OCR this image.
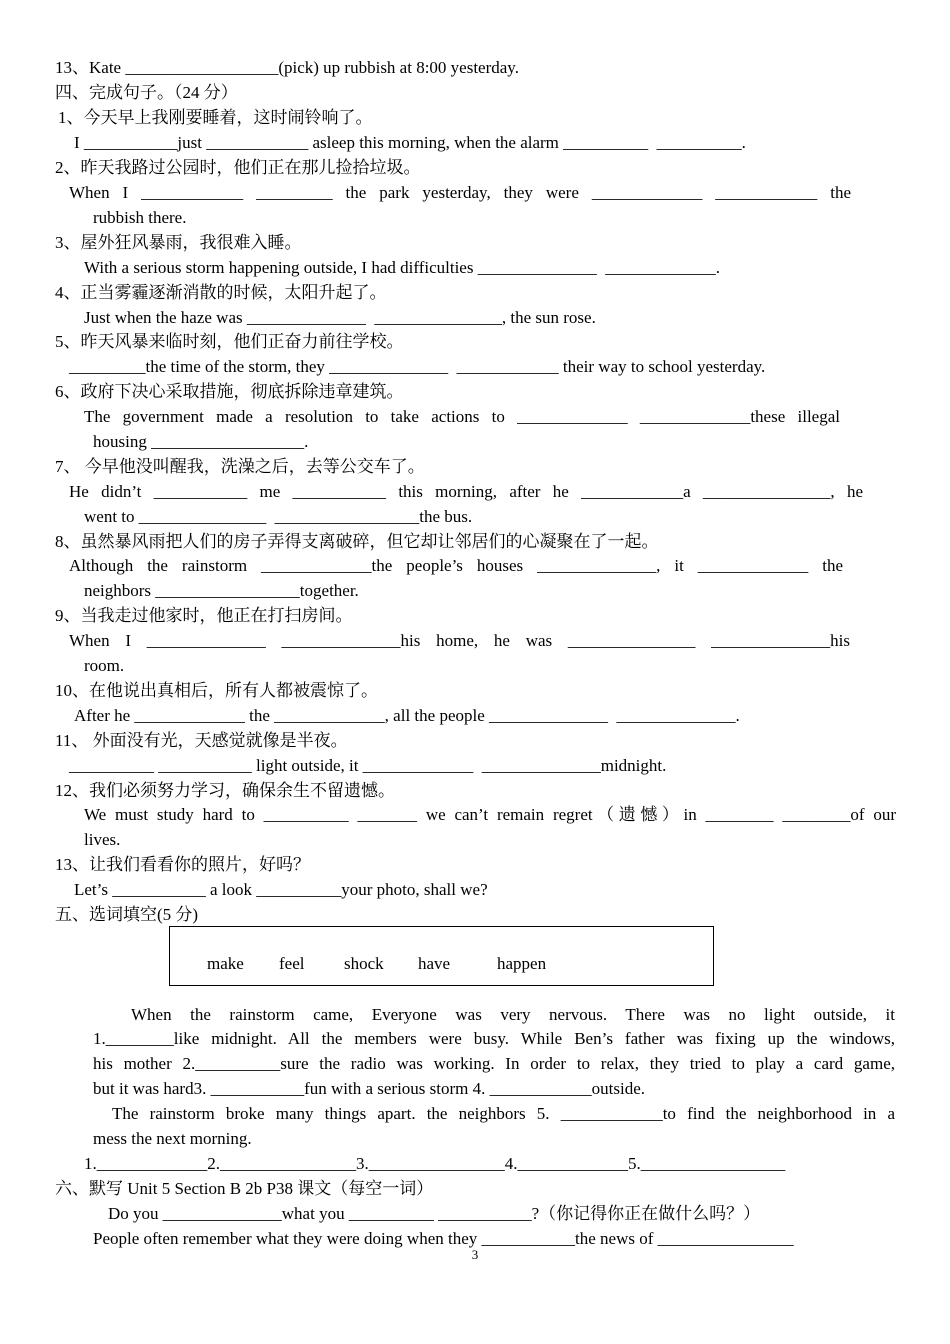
13、Kate __________________(pick) up rubbish at 8:00 yesterday.
四、完成句子。（24 分）
1、今天早上我刚要睡着，这时闹铃响了。
I ___________just ____________ asleep this morning, when the alarm __________  __________.
2、昨天我路过公园时，他们正在那儿捡拾垃圾。
When I ____________ _________ the park yesterday, they were _____________ ____________ the
rubbish there.
3、屋外狂风暴雨，我很难入睡。
With a serious storm happening outside, I had difficulties ______________  _____________.
4、正当雾霾逐渐消散的时候，太阳升起了。
Just when the haze was ______________  _______________, the sun rose.
5、昨天风暴来临时刻，他们正奋力前往学校。
_________the time of the storm, they ______________  ____________ their way to school yesterday.
6、政府下决心采取措施，彻底拆除违章建筑。
The government made a resolution to take actions to _____________ _____________these illegal
housing __________________.
7、 今早他没叫醒我，洗澡之后，去等公交车了。
He didn’t ___________ me ___________ this morning, after he ____________a _______________, he
went to _______________  _________________the bus.
8、虽然暴风雨把人们的房子弄得支离破碎，但它却让邻居们的心凝聚在了一起。
Although the rainstorm _____________the people’s houses ______________, it _____________ the
neighbors _________________together.
9、当我走过他家时，他正在打扫房间。
When I ______________ ______________his home, he was _______________ ______________his
room.
10、在他说出真相后，所有人都被震惊了。
After he _____________ the _____________, all the people ______________  ______________.
11、 外面没有光，天感觉就像是半夜。
__________ ___________ light outside, it _____________  ______________midnight.
12、我们必须努力学习，确保余生不留遗憾。
We must study hard to __________ _______ we can’t remain regret（遗憾）in ________ ________of our
lives.
13、让我们看看你的照片，好吗？
Let’s ___________ a look __________your photo, shall we?
五、选词填空(5 分)
make feel shock have	happen
When the rainstorm came, Everyone was very nervous. There was no light outside, it
1.________like midnight. All the members were busy. While Ben’s father was fixing up the windows,
his mother 2.__________sure the radio was working. In order to relax, they tried to play a card game,
but it was hard3. ___________fun with a serious storm 4. ____________outside.
The rainstorm broke many things apart. the neighbors 5. ____________to find the neighborhood in a
mess the next morning.
1._____________2.________________3.________________4._____________5._________________
六、默写 Unit 5 Section B 2b P38 课文（每空一词）
Do you ______________what you __________ ___________?（你记得你正在做什么吗？）
People often remember what they were doing when they ___________the news of ________________
3
